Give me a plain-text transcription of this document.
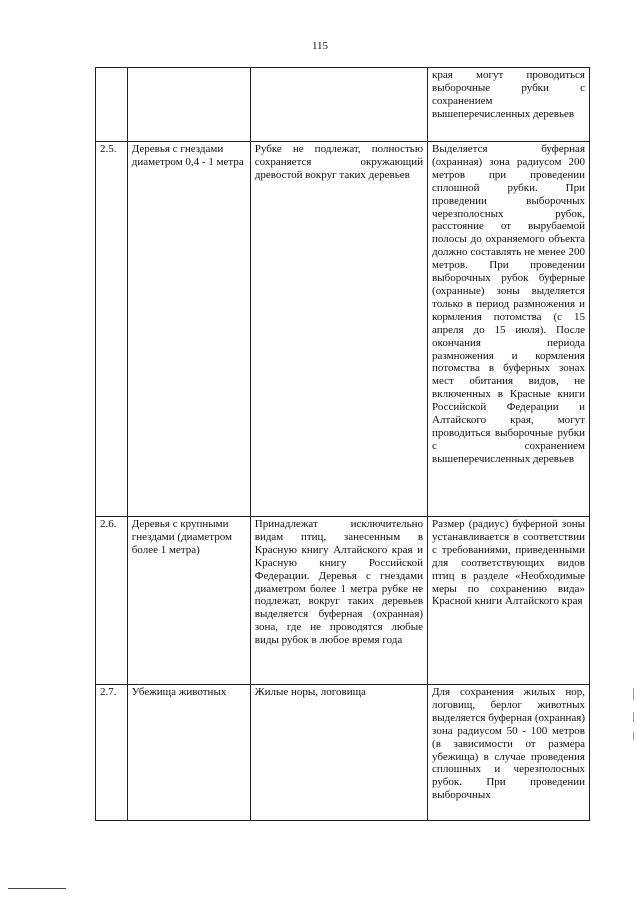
115
			края могут проводиться выборочные рубки с сохранением вышеперечисленных деревьев
2.5.	Деревья с гнездами диаметром 0,4 - 1 метра	Рубке не подлежат, полностью сохраняется окружающий древостой вокруг таких деревьев	Выделяется буферная (охранная) зона радиусом 200 метров при проведении сплошной рубки. При проведении выборочных черезполосных рубок, расстояние от вырубаемой полосы до охраняемого объекта должно составлять не менее 200 метров. При проведении выборочных рубок буферные (охранные) зоны выделяется только в период размножения и кормления потомства (с 15 апреля до 15 июля). После окончания периода размножения и кормления потомства в буферных зонах мест обитания видов, не включенных в Красные книги Российской Федерации и Алтайского края, могут проводиться выборочные рубки с сохранением вышеперечисленных деревьев
2.6.	Деревья с крупными гнездами (диаметром более 1 метра)	Принадлежат исключительно видам птиц, занесенным в Красную книгу Алтайского края и Красную книгу Российской Федерации. Деревья с гнездами диаметром более 1 метра рубке не подлежат, вокруг таких деревьев выделяется буферная (охранная) зона, где не проводятся любые виды рубок в любое время года	Размер (радиус) буферной зоны устанавливается в соответствии с требованиями, приведенными для соответствующих видов птиц в разделе «Необходимые меры по сохранению вида» Красной книги Алтайского края
2.7.	Убежища животных	Жилые норы, логовища	Для сохранения жилых нор, логовищ, берлог животных выделяется буферная (охранная) зона радиусом 50 - 100 метров (в зависимости от размера убежища) в случае проведения сплошных и черезполосных рубок. При проведении выборочных
